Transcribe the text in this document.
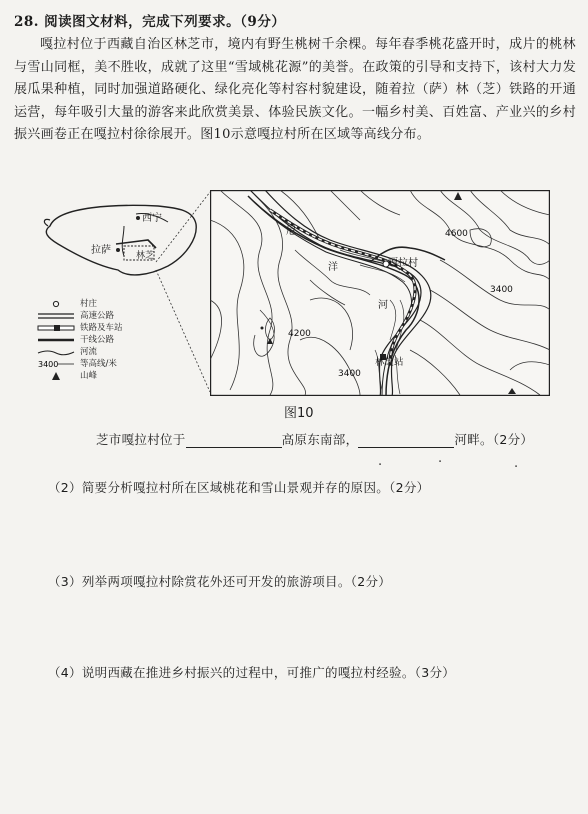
28. 阅读图文材料，完成下列要求。（9分）

嘎拉村位于西藏自治区林芝市，境内有野生桃树千余棵。每年春季桃花盛开时，成片的桃林与雪山同框，美不胜收，成就了这里“雪域桃花源”的美誉。在政策的引导和支持下，该村大力发展瓜果种植，同时加强道路硬化、绿化亮化等村容村貌建设，随着拉（萨）林（芝）铁路的开通运营，每年吸引大量的游客来此欣赏美景、体验民族文化。一幅乡村美、百姓富、产业兴的乡村振兴画卷正在嘎拉村徐徐展开。图10示意嘎拉村所在区域等高线分布。

西宁
拉萨	林芝
村庄
高速公路
铁路及车站
干线公路
河流
3400	等高线/米
山峰
嘎拉村
林芝站
尼
洋
河
4600
3400
4200
3400
图10
芝市嘎拉村位于	高原东南部，	河畔。（2分）
（2）简要分析嘎拉村所在区域桃花和雪山景观并存的原因。（2分）
（3）列举两项嘎拉村除赏花外还可开发的旅游项目。（2分）
（4）说明西藏在推进乡村振兴的过程中，可推广的嘎拉村经验。（3分）
·	·	·
